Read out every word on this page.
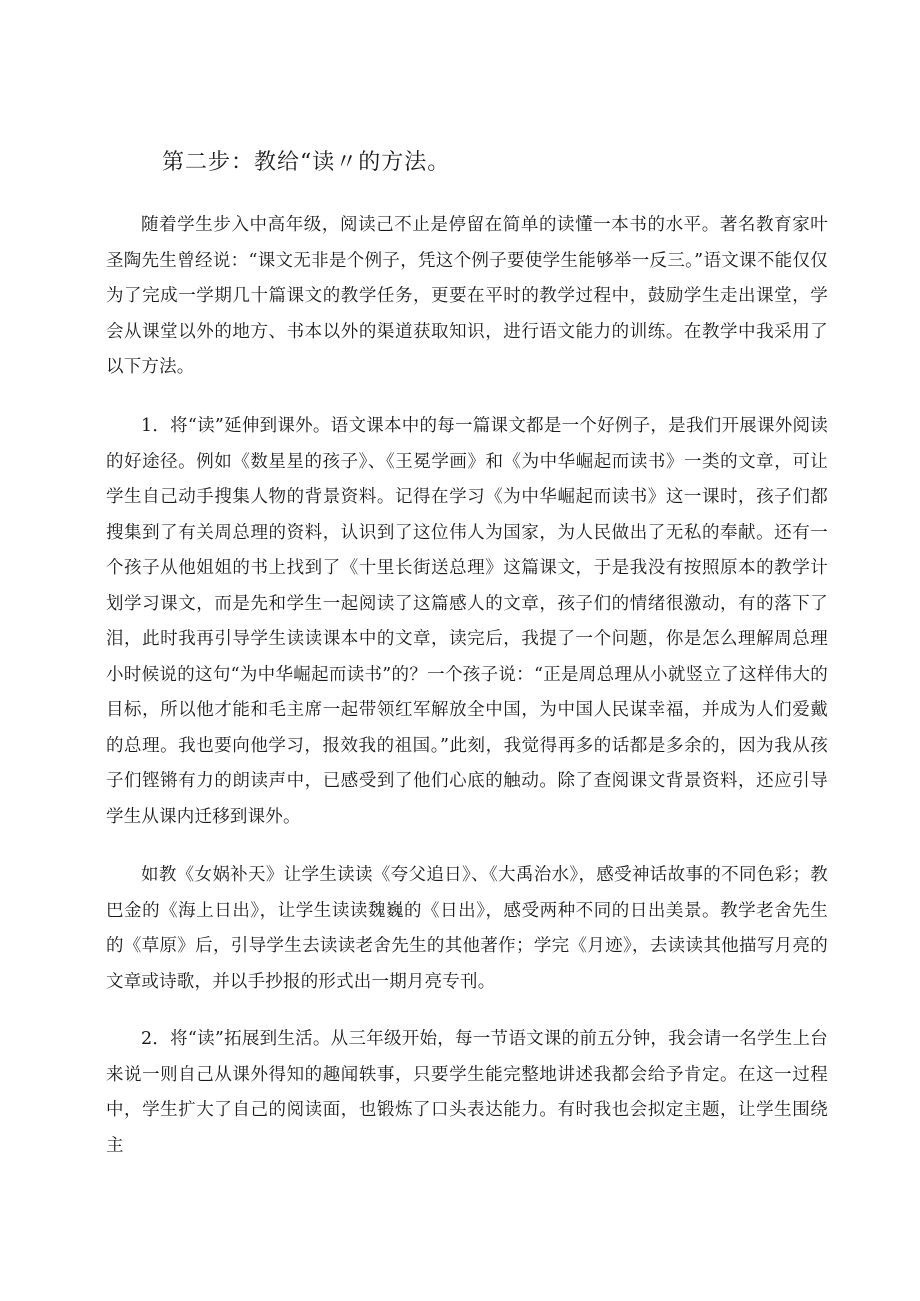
第二步：教给“读〃的方法。

随着学生步入中高年级，阅读己不止是停留在简单的读懂一本书的水平。著名教育家叶圣陶先生曾经说：“课文无非是个例子，凭这个例子要使学生能够举一反三。”语文课不能仅仅为了完成一学期几十篇课文的教学任务，更要在平时的教学过程中，鼓励学生走出课堂，学会从课堂以外的地方、书本以外的渠道获取知识，进行语文能力的训练。在教学中我采用了以下方法。

1．将“读”延伸到课外。语文课本中的每一篇课文都是一个好例子，是我们开展课外阅读的好途径。例如《数星星的孩子》、《王冕学画》和《为中华崛起而读书》一类的文章，可让学生自己动手搜集人物的背景资料。记得在学习《为中华崛起而读书》这一课时，孩子们都搜集到了有关周总理的资料，认识到了这位伟人为国家，为人民做出了无私的奉献。还有一个孩子从他姐姐的书上找到了《十里长街送总理》这篇课文，于是我没有按照原本的教学计划学习课文，而是先和学生一起阅读了这篇感人的文章，孩子们的情绪很激动，有的落下了泪，此时我再引导学生读读课本中的文章，读完后，我提了一个问题，你是怎么理解周总理小时候说的这句“为中华崛起而读书”的？一个孩子说：“正是周总理从小就竖立了这样伟大的目标，所以他才能和毛主席一起带领红军解放全中国，为中国人民谋幸福，并成为人们爱戴的总理。我也要向他学习，报效我的祖国。”此刻，我觉得再多的话都是多余的，因为我从孩子们铿锵有力的朗读声中，已感受到了他们心底的触动。除了查阅课文背景资料，还应引导学生从课内迁移到课外。

如教《女娲补天》让学生读读《夸父追日》、《大禹治水》，感受神话故事的不同色彩；教巴金的《海上日出》，让学生读读魏巍的《日出》，感受两种不同的日出美景。教学老舍先生的《草原》后，引导学生去读读老舍先生的其他著作；学完《月迹》，去读读其他描写月亮的文章或诗歌，并以手抄报的形式出一期月亮专刊。

2．将“读”拓展到生活。从三年级开始，每一节语文课的前五分钟，我会请一名学生上台来说一则自己从课外得知的趣闻轶事，只要学生能完整地讲述我都会给予肯定。在这一过程中，学生扩大了自己的阅读面，也锻炼了口头表达能力。有时我也会拟定主题，让学生围绕主
